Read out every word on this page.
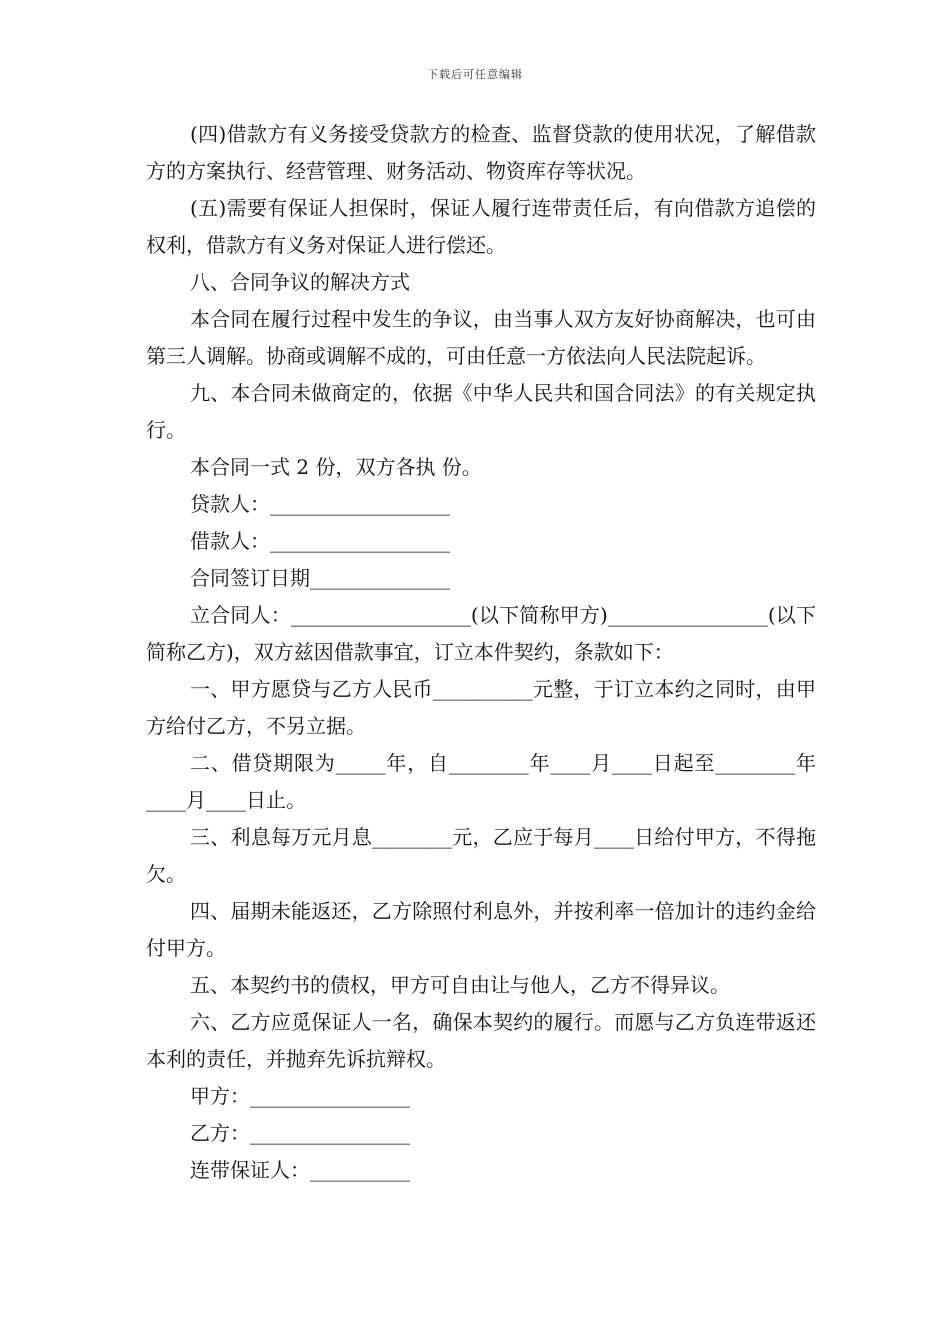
下载后可任意编辑

(四)借款方有义务接受贷款方的检查、监督贷款的使用状况，了解借款方的方案执行、经营管理、财务活动、物资库存等状况。

(五)需要有保证人担保时，保证人履行连带责任后，有向借款方追偿的权利，借款方有义务对保证人进行偿还。

八、合同争议的解决方式

本合同在履行过程中发生的争议，由当事人双方友好协商解决，也可由第三人调解。协商或调解不成的，可由任意一方依法向人民法院起诉。

九、本合同未做商定的，依据《中华人民共和国合同法》的有关规定执行。

本合同一式 2 份，双方各执 份。

贷款人：__________________

借款人：__________________

合同签订日期______________

立合同人：__________________(以下简称甲方)________________(以下简称乙方)，双方兹因借款事宜，订立本件契约，条款如下：

一、甲方愿贷与乙方人民币__________元整，于订立本约之同时，由甲方给付乙方，不另立据。

二、借贷期限为_____年，自________年____月____日起至________年____月____日止。

三、利息每万元月息________元，乙应于每月____日给付甲方，不得拖欠。

四、届期未能返还，乙方除照付利息外，并按利率一倍加计的违约金给付甲方。

五、本契约书的债权，甲方可自由让与他人，乙方不得异议。

六、乙方应觅保证人一名，确保本契约的履行。而愿与乙方负连带返还本利的责任，并抛弃先诉抗辩权。

甲方：________________

乙方：________________

连带保证人：__________
